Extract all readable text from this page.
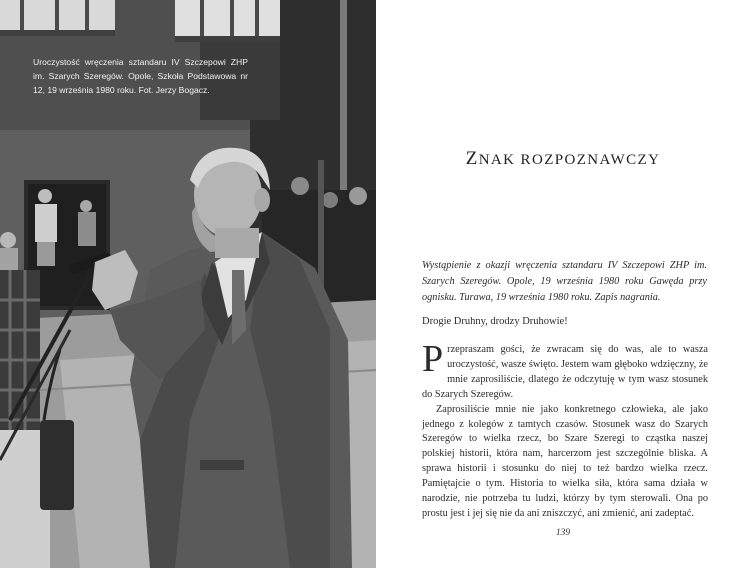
Uroczystość wręczenia sztandaru IV Szczepowi ZHP im. Szarych Szeregów. Opole, Szkoła Podstawowa nr 12, 19 września 1980 roku. Fot. Jerzy Bogacz.

ZNAK ROZPOZNAWCZY

Wystąpienie z okazji wręczenia sztandaru IV Szczepowi ZHP im. Szarych Szeregów. Opole, 19 września 1980 roku Gawęda przy ognisku. Turawa, 19 września 1980 roku. Zapis nagrania.

Drogie Druhny, drodzy Druhowie!

Przepraszam gości, że zwracam się do was, ale to wasza uroczystość, wasze święto. Jestem wam głęboko wdzięczny, że mnie zaprosiliście, dlatego że odczytuję w tym wasz stosunek do Szarych Szeregów.

Zaprosiliście mnie nie jako konkretnego człowieka, ale jako jednego z kolegów z tamtych czasów. Stosunek wasz do Szarych Szeregów to wielka rzecz, bo Szare Szeregi to cząstka naszej polskiej historii, która nam, harcerzom jest szczególnie bliska. A sprawa historii i stosunku do niej to też bardzo wielka rzecz. Pamiętajcie o tym. Historia to wielka siła, która sama działa w narodzie, nie potrzeba tu ludzi, którzy by tym sterowali. Ona po prostu jest i jej się nie da ani zniszczyć, ani zmienić, ani zadeptać.

139
